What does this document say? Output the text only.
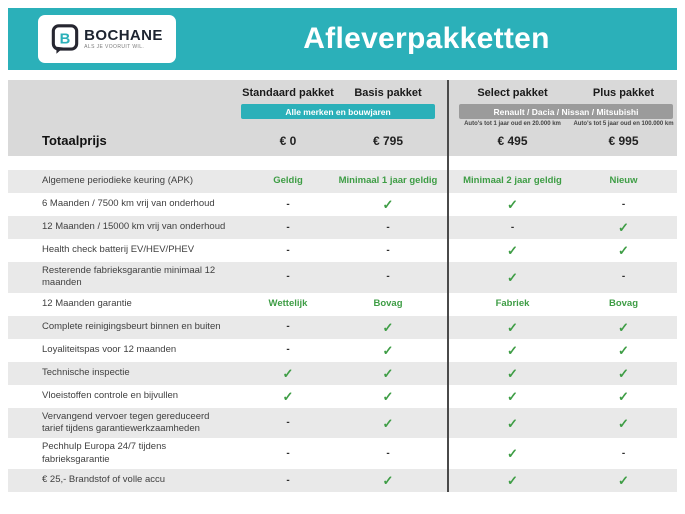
B BOCHANE
ALS JE VOORUIT WIL.	Afleverpakketten
Standaard pakket	Basis pakket	Select pakket	Plus pakket
Alle merken en bouwjaren	Renault / Dacia / Nissan / Mitsubishi
Auto's tot 1 jaar oud en 20.000 km	Auto's tot 5 jaar oud en 100.000 km
Totaalprijs	€ 0	€ 795	€ 495	€ 995
Algemene periodieke keuring (APK)	Geldig	Minimaal 1 jaar geldig	Minimaal 2 jaar geldig	Nieuw
6 Maanden / 7500 km vrij van onderhoud	-	✓	✓	-
12 Maanden / 15000 km vrij van onderhoud	-	-	-	✓
Health check batterij EV/HEV/PHEV	-	-	✓	✓
Resterende fabrieksgarantie minimaal 12 maanden
-	-	✓	-
12 Maanden garantie	Wettelijk	Bovag	Fabriek	Bovag
Complete reinigingsbeurt binnen en buiten	-	✓	✓	✓
Loyaliteitspas voor 12 maanden	-	✓	✓	✓
Technische inspectie	✓	✓	✓	✓
Vloeistoffen controle en bijvullen	✓	✓	✓	✓
Vervangend vervoer tegen gereduceerd tarief tijdens garantiewerkzaamheden
-	✓	✓	✓
Pechhulp Europa 24/7 tijdens fabrieksgarantie
-	-	✓	-
€ 25,- Brandstof of volle accu	-	✓	✓	✓
